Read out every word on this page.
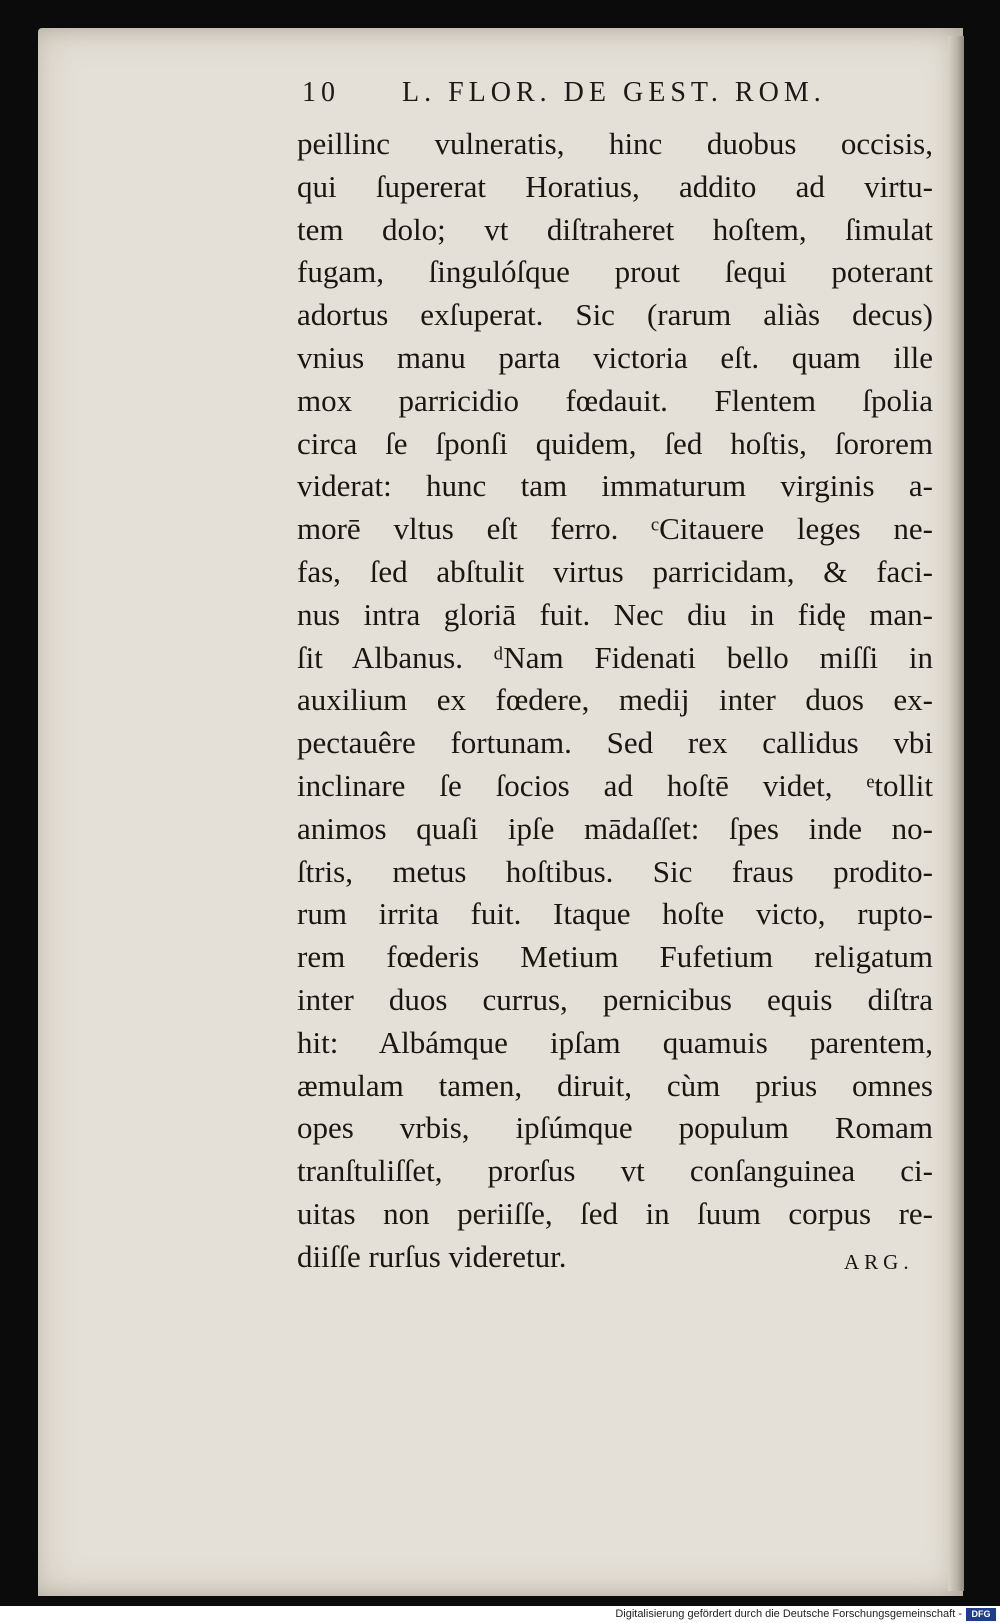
10 L. FLOR. DE GEST. ROM.
peillinc vulneratis, hinc duobus occisis,
qui ſupererat Horatius, addito ad virtu-
tem dolo; vt diſtraheret hoſtem, ſimulat
fugam, ſingulóſque prout ſequi poterant
adortus exſuperat. Sic (rarum aliàs decus)
vnius manu parta victoria eſt. quam ille
mox parricidio fœdauit. Flentem ſpolia
circa ſe ſponſi quidem, ſed hoſtis, ſororem
viderat: hunc tam immaturum virginis a-
morē vltus eſt ferro. ᶜCitauere leges ne-
fas, ſed abſtulit virtus parricidam, & faci-
nus intra gloriā fuit. Nec diu in fidę man-
ſit Albanus. ᵈNam Fidenati bello miſſi in
auxilium ex fœdere, medij inter duos ex-
pectauêre fortunam. Sed rex callidus vbi
inclinare ſe ſocios ad hoſtē videt, ᵉtollit
animos quaſi ipſe mādaſſet: ſpes inde no-
ſtris, metus hoſtibus. Sic fraus prodito-
rum irrita fuit. Itaque hoſte victo, rupto-
rem fœderis Metium Fufetium religatum
inter duos currus, pernicibus equis diſtra
hit: Albámque ipſam quamuis parentem,
æmulam tamen, diruit, cùm prius omnes
opes vrbis, ipſúmque populum Romam
tranſtuliſſet, prorſus vt conſanguinea ci-
uitas non periiſſe, ſed in ſuum corpus re-
diiſſe rurſus videretur.	ARG.
Digitalisierung gefördert durch die Deutsche Forschungsgemeinschaft -	DFG
